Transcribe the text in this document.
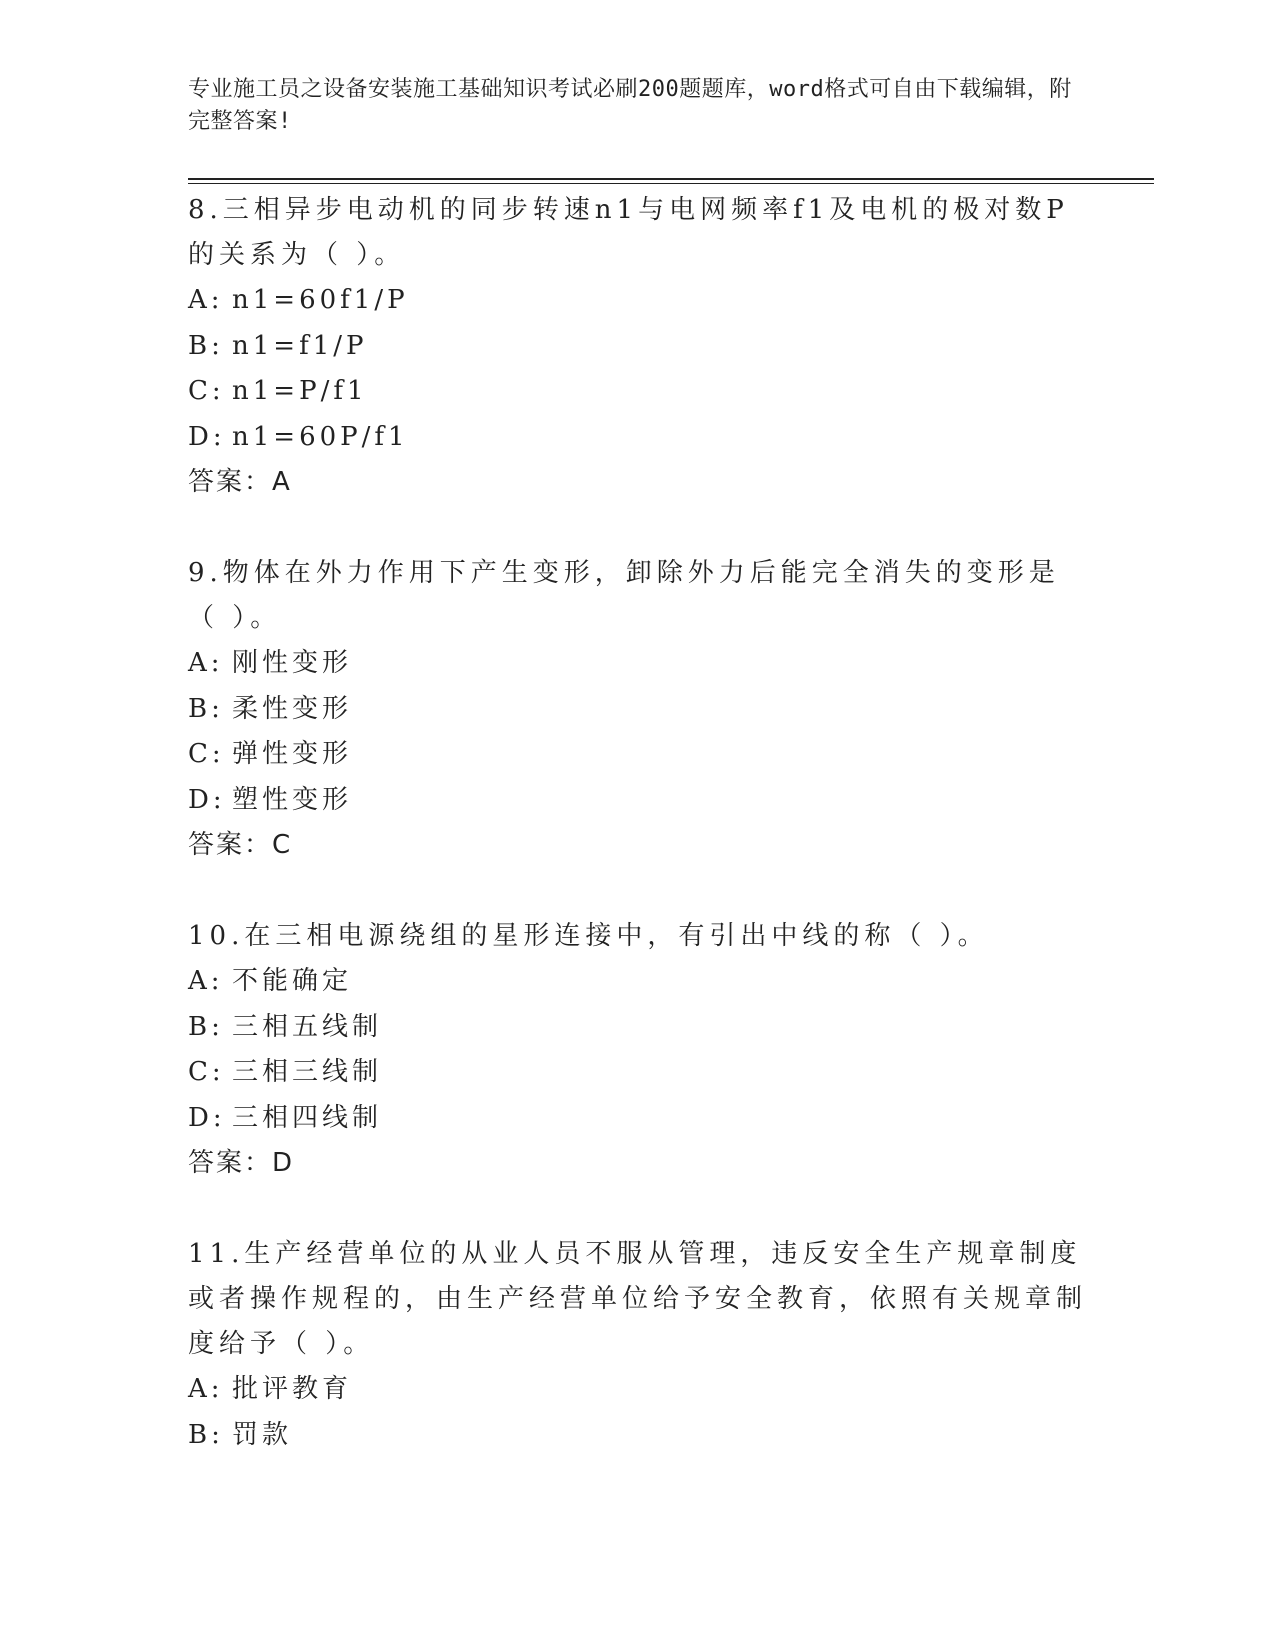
专业施工员之设备安装施工基础知识考试必刷200题题库，word格式可自由下载编辑，附完整答案!
8.三相异步电动机的同步转速n1与电网频率f1及电机的极对数P的关系为（ ）。
A: n1=60f1/P
B: n1=f1/P
C: n1=P/f1
D: n1=60P/f1
答案：A
9.物体在外力作用下产生变形，卸除外力后能完全消失的变形是（ ）。
A: 刚性变形
B: 柔性变形
C: 弹性变形
D: 塑性变形
答案：C
10.在三相电源绕组的星形连接中，有引出中线的称（ ）。
A: 不能确定
B: 三相五线制
C: 三相三线制
D: 三相四线制
答案：D
11.生产经营单位的从业人员不服从管理，违反安全生产规章制度或者操作规程的，由生产经营单位给予安全教育，依照有关规章制度给予（ ）。
A: 批评教育
B: 罚款
